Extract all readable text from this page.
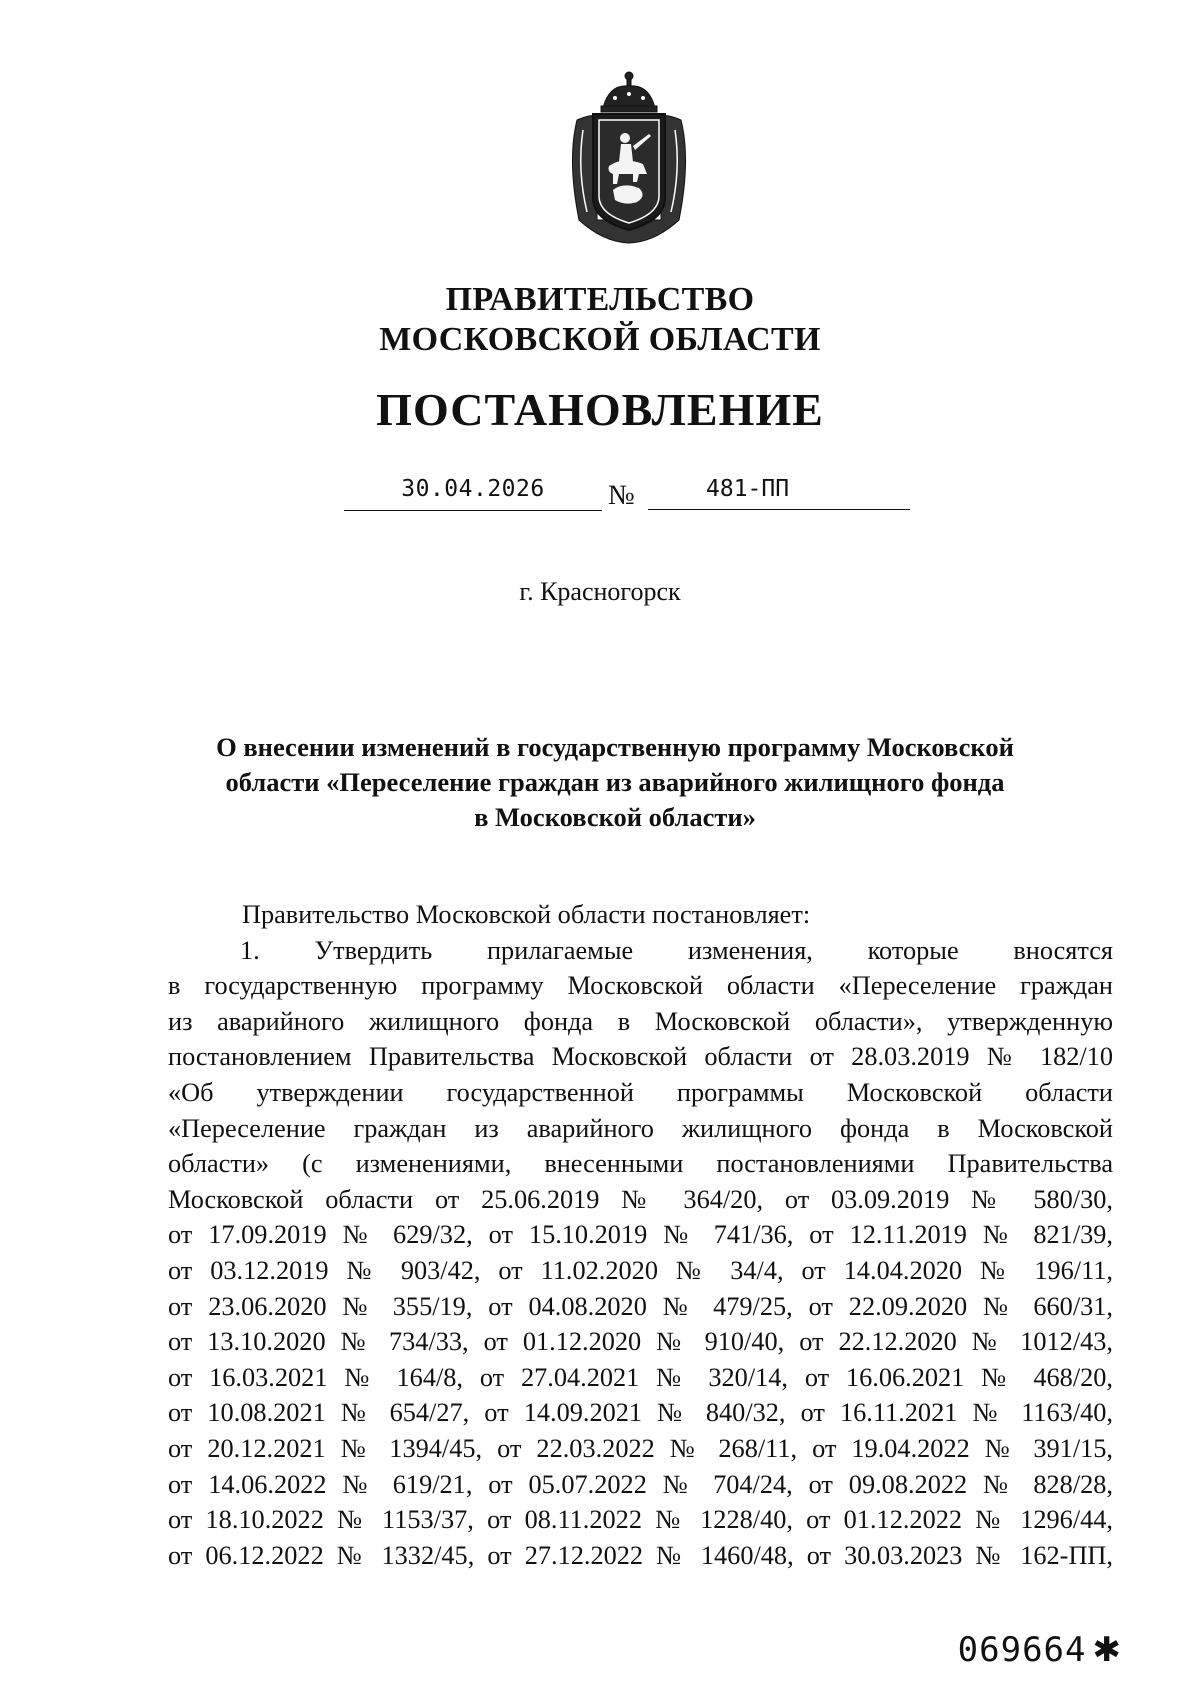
ПРАВИТЕЛЬСТВО
МОСКОВСКОЙ ОБЛАСТИ
ПОСТАНОВЛЕНИЕ
30.04.2026	№	481-ПП
г. Красногорск
О внесении изменений в государственную программу Московской
области «Переселение граждан из аварийного жилищного фонда
в Московской области»
Правительство Московской области постановляет:
1. Утвердить прилагаемые изменения, которые вносятся
в государственную программу Московской области «Переселение граждан
из аварийного жилищного фонда в Московской области», утвержденную
постановлением Правительства Московской области от 28.03.2019 № 182/10
«Об утверждении государственной программы Московской области
«Переселение граждан из аварийного жилищного фонда в Московской
области» (с изменениями, внесенными постановлениями Правительства
Московской области от 25.06.2019 № 364/20, от 03.09.2019 № 580/30,
от 17.09.2019 № 629/32, от 15.10.2019 № 741/36, от 12.11.2019 № 821/39,
от 03.12.2019 № 903/42, от 11.02.2020 № 34/4, от 14.04.2020 № 196/11,
от 23.06.2020 № 355/19, от 04.08.2020 № 479/25, от 22.09.2020 № 660/31,
от 13.10.2020 № 734/33, от 01.12.2020 № 910/40, от 22.12.2020 № 1012/43,
от 16.03.2021 № 164/8, от 27.04.2021 № 320/14, от 16.06.2021 № 468/20,
от 10.08.2021 № 654/27, от 14.09.2021 № 840/32, от 16.11.2021 № 1163/40,
от 20.12.2021 № 1394/45, от 22.03.2022 № 268/11, от 19.04.2022 № 391/15,
от 14.06.2022 № 619/21, от 05.07.2022 № 704/24, от 09.08.2022 № 828/28,
от 18.10.2022 № 1153/37, от 08.11.2022 № 1228/40, от 01.12.2022 № 1296/44,
от 06.12.2022 № 1332/45, от 27.12.2022 № 1460/48, от 30.03.2023 № 162-ПП,
069664 ✱
